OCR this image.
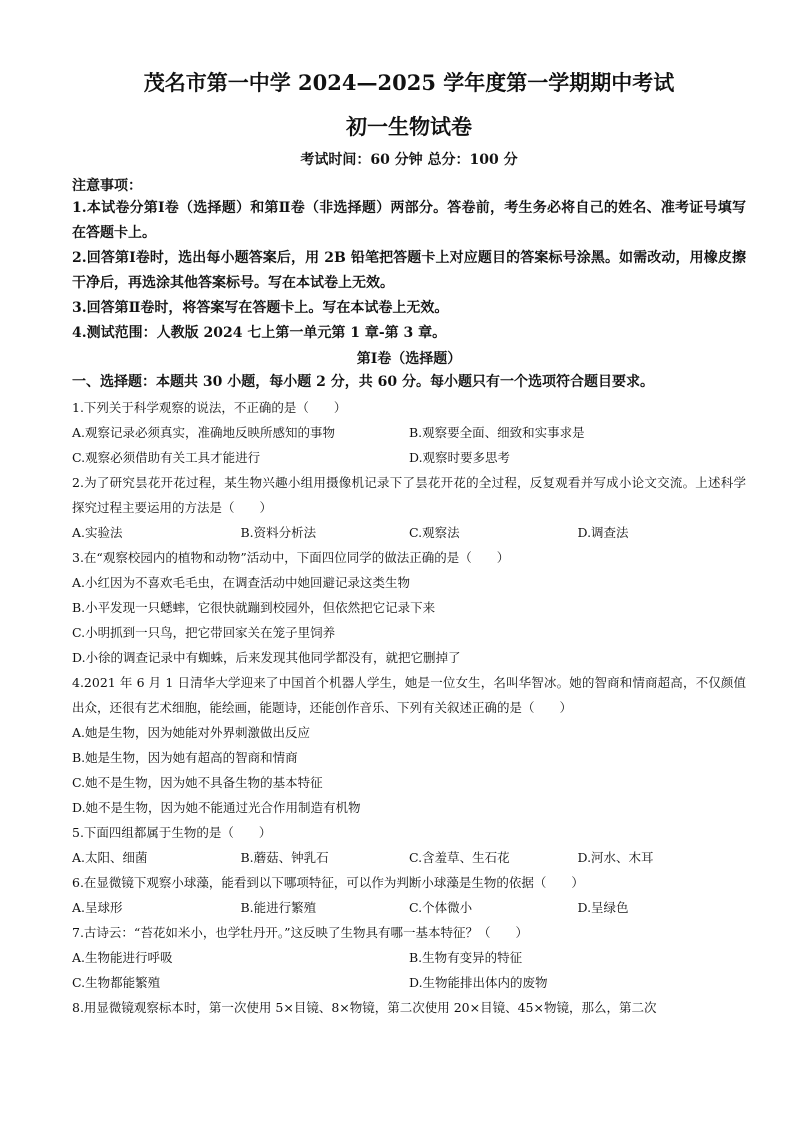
茂名市第一中学 2024—2025 学年度第一学期期中考试
初一生物试卷
考试时间：60 分钟 总分：100 分
注意事项：
1.本试卷分第Ⅰ卷（选择题）和第Ⅱ卷（非选择题）两部分。答卷前，考生务必将自己的姓名、准考证号填写在答题卡上。
2.回答第Ⅰ卷时，选出每小题答案后，用 2B 铅笔把答题卡上对应题目的答案标号涂黑。如需改动，用橡皮擦干净后，再选涂其他答案标号。写在本试卷上无效。
3.回答第Ⅱ卷时，将答案写在答题卡上。写在本试卷上无效。
4.测试范围：人教版 2024 七上第一单元第 1 章-第 3 章。
第Ⅰ卷（选择题）
一、选择题：本题共 30 小题，每小题 2 分，共 60 分。每小题只有一个选项符合题目要求。
1.下列关于科学观察的说法，不正确的是（　　）
A.观察记录必须真实，准确地反映所感知的事物	B.观察要全面、细致和实事求是
C.观察必须借助有关工具才能进行	D.观察时要多思考
2.为了研究昙花开花过程，某生物兴趣小组用摄像机记录下了昙花开花的全过程，反复观看并写成小论文交流。上述科学探究过程主要运用的方法是（　　）
A.实验法	B.资料分析法	C.观察法	D.调查法
3.在“观察校园内的植物和动物”活动中，下面四位同学的做法正确的是（　　）
A.小红因为不喜欢毛毛虫，在调查活动中她回避记录这类生物
B.小平发现一只蟋蟀，它很快就蹦到校园外，但依然把它记录下来
C.小明抓到一只鸟，把它带回家关在笼子里饲养
D.小徐的调查记录中有蜘蛛，后来发现其他同学都没有，就把它删掉了
4.2021 年 6 月 1 日清华大学迎来了中国首个机器人学生，她是一位女生，名叫华智冰。她的智商和情商超高，不仅颜值出众，还很有艺术细胞，能绘画，能题诗，还能创作音乐、下列有关叙述正确的是（　　）
A.她是生物，因为她能对外界刺激做出反应
B.她是生物，因为她有超高的智商和情商
C.她不是生物，因为她不具备生物的基本特征
D.她不是生物，因为她不能通过光合作用制造有机物
5.下面四组都属于生物的是（　　）
A.太阳、细菌	B.蘑菇、钟乳石	C.含羞草、生石花	D.河水、木耳
6.在显微镜下观察小球藻，能看到以下哪项特征，可以作为判断小球藻是生物的依据（　　）
A.呈球形	B.能进行繁殖	C.个体微小	D.呈绿色
7.古诗云：“苔花如米小，也学牡丹开。”这反映了生物具有哪一基本特征？（　　）
A.生物能进行呼吸	B.生物有变异的特征
C.生物都能繁殖	D.生物能排出体内的废物
8.用显微镜观察标本时，第一次使用 5×目镜、8×物镜，第二次使用 20×目镜、45×物镜，那么，第二次
